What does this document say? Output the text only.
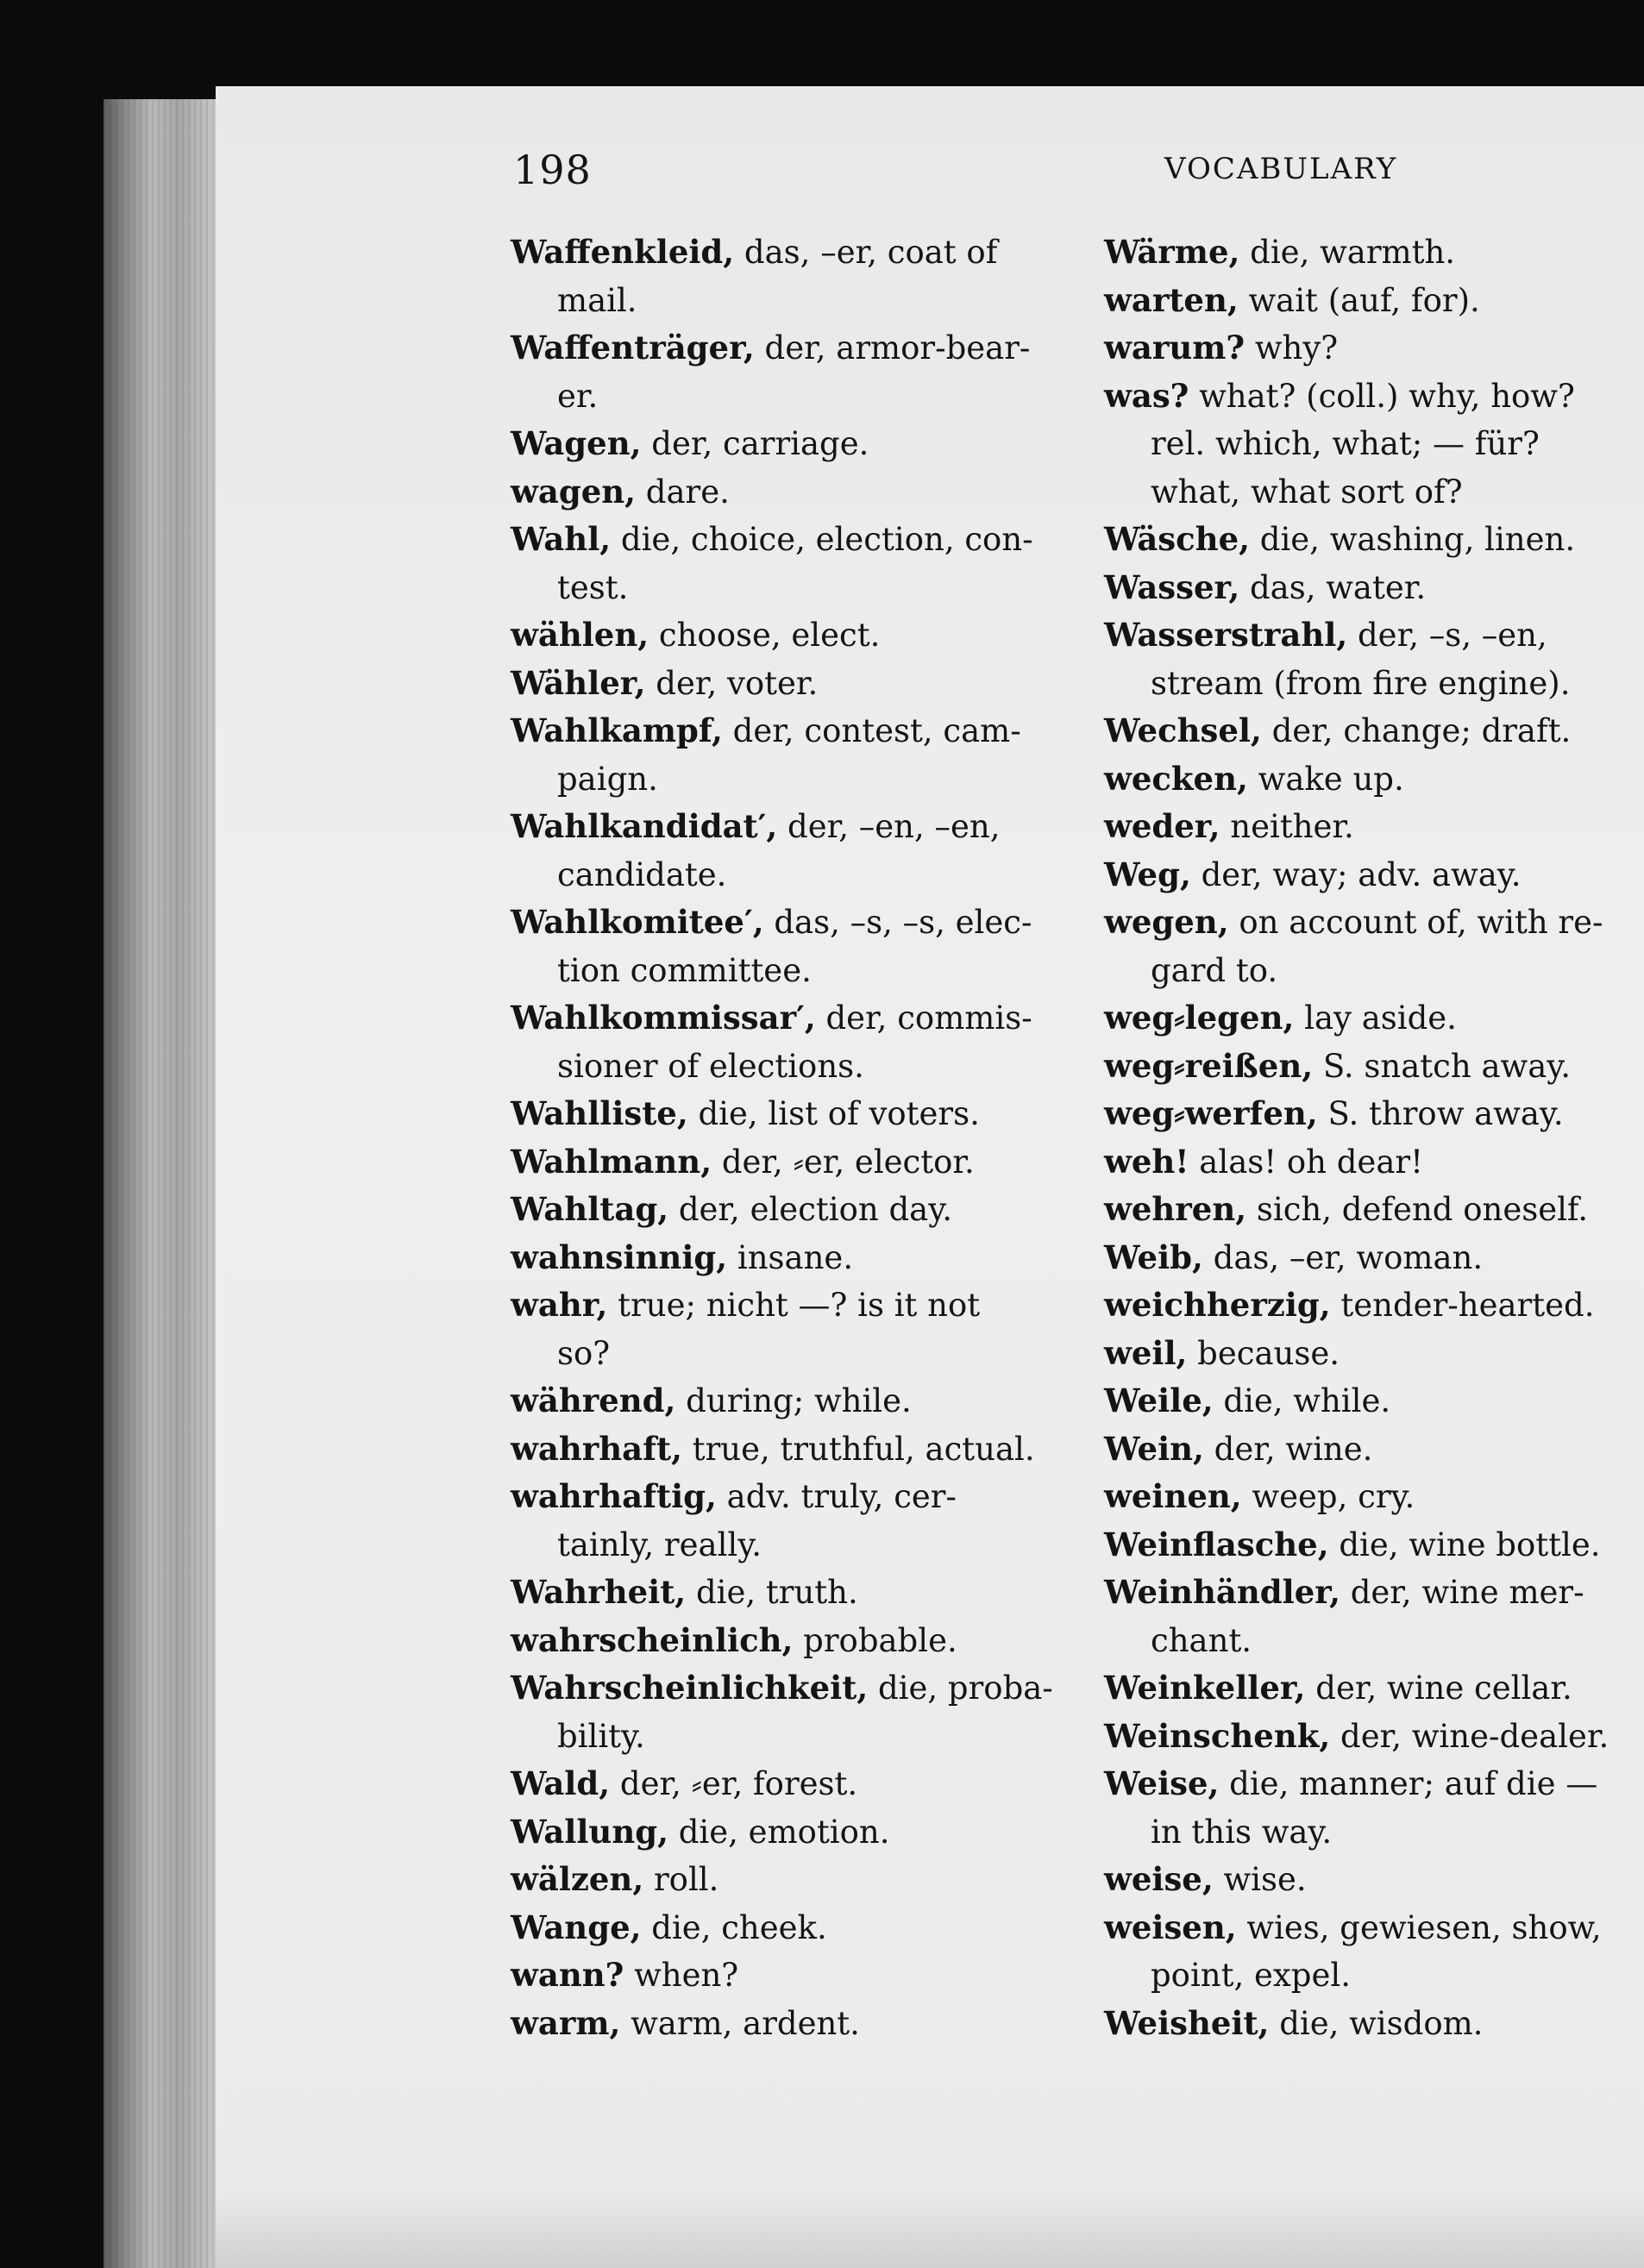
198	VOCABULARY
Waffenkleid, das, –er, coat of
mail.
Waffenträger, der, armor-bear-
er.
Wagen, der, carriage.
wagen, dare.
Wahl, die, choice, election, con-
test.
wählen, choose, elect.
Wähler, der, voter.
Wahlkampf, der, contest, cam-
paign.
Wahlkandidat′, der, –en, –en,
candidate.
Wahlkomitee′, das, –s, –s, elec-
tion committee.
Wahlkommissar′, der, commis-
sioner of elections.
Wahlliste, die, list of voters.
Wahlmann, der, ⸗er, elector.
Wahltag, der, election day.
wahnsinnig, insane.
wahr, true; nicht —? is it not
so?
während, during; while.
wahrhaft, true, truthful, actual.
wahrhaftig, adv. truly, cer-
tainly, really.
Wahrheit, die, truth.
wahrscheinlich, probable.
Wahrscheinlichkeit, die, proba-
bility.
Wald, der, ⸗er, forest.
Wallung, die, emotion.
wälzen, roll.
Wange, die, cheek.
wann? when?
warm, warm, ardent.
Wärme, die, warmth.
warten, wait (auf, for).
warum? why?
was? what? (coll.) why, how?
rel. which, what; — für?
what, what sort of?
Wäsche, die, washing, linen.
Wasser, das, water.
Wasserstrahl, der, –s, –en,
stream (from fire engine).
Wechsel, der, change; draft.
wecken, wake up.
weder, neither.
Weg, der, way; adv. away.
wegen, on account of, with re-
gard to.
weg⸗legen, lay aside.
weg⸗reißen, S. snatch away.
weg⸗werfen, S. throw away.
weh! alas! oh dear!
wehren, sich, defend oneself.
Weib, das, –er, woman.
weichherzig, tender-hearted.
weil, because.
Weile, die, while.
Wein, der, wine.
weinen, weep, cry.
Weinflasche, die, wine bottle.
Weinhändler, der, wine mer-
chant.
Weinkeller, der, wine cellar.
Weinschenk, der, wine-dealer.
Weise, die, manner; auf die —
in this way.
weise, wise.
weisen, wies, gewiesen, show,
point, expel.
Weisheit, die, wisdom.
